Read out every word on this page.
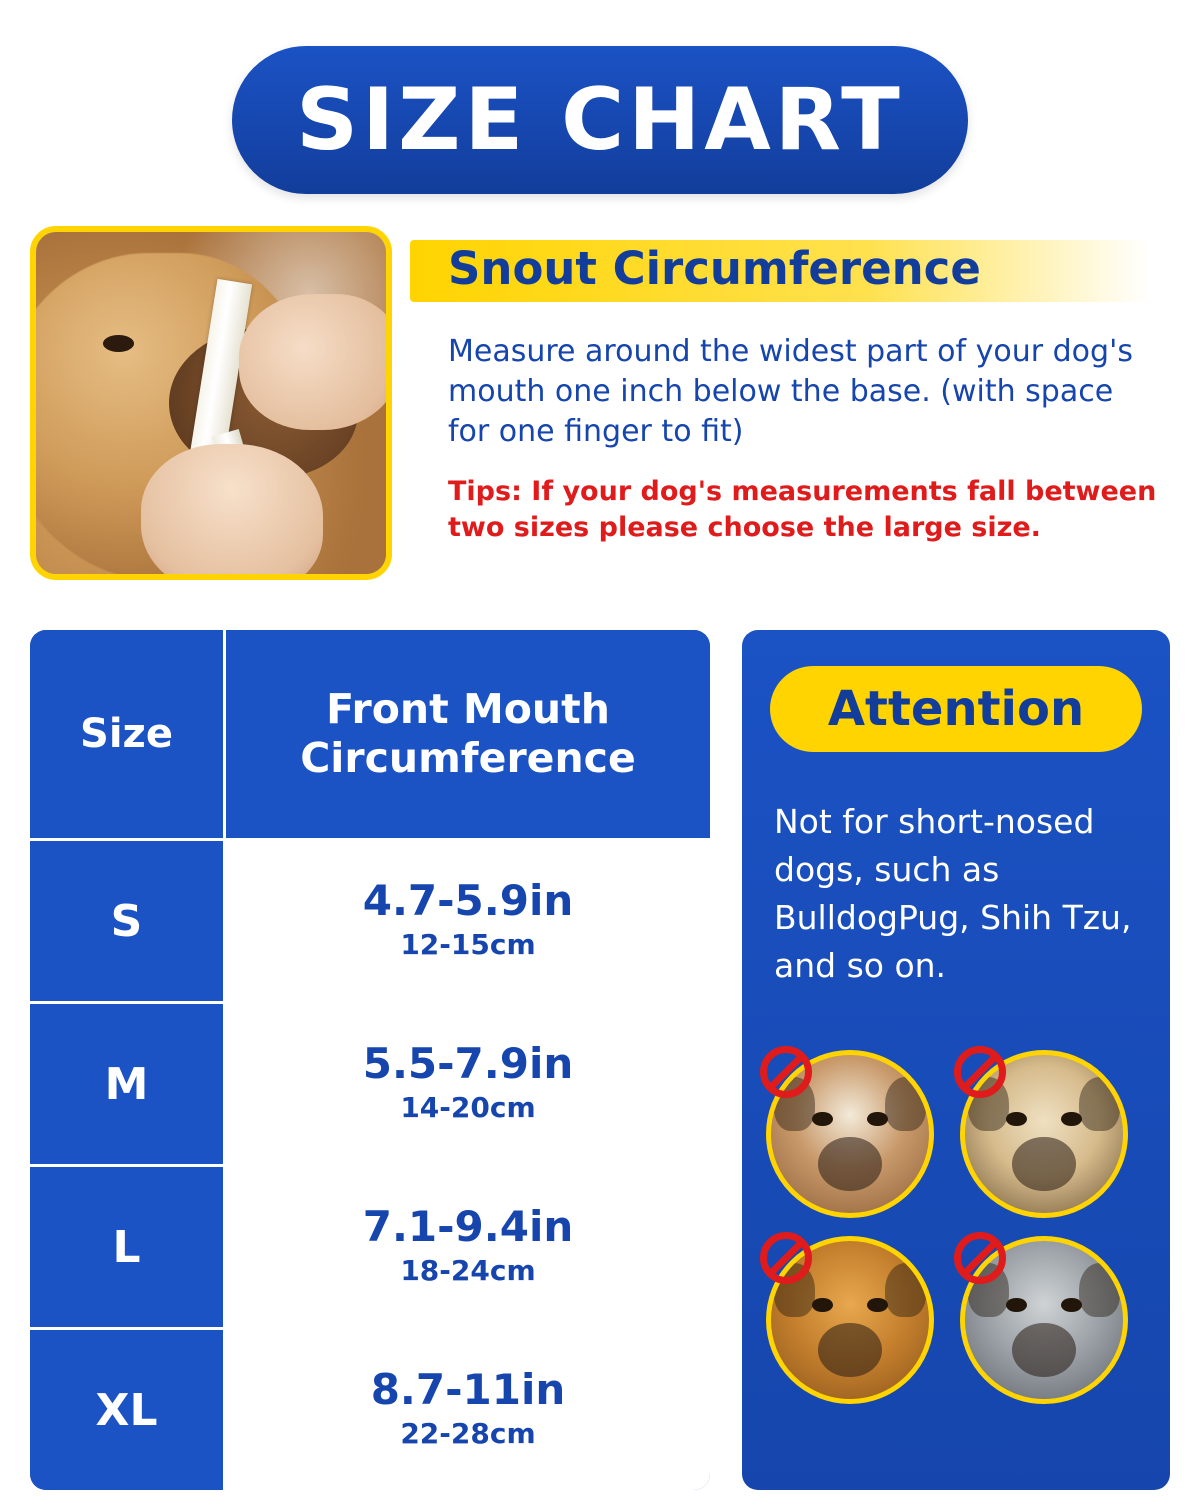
SIZE CHART
Snout Circumference
Measure around the widest part of your dog's mouth one inch below the base. (with space for one finger to fit)
Tips: If your dog's measurements fall between two sizes please choose the large size.
Size
Front Mouth Circumference
S	4.7-5.9in
12-15cm
M	5.5-7.9in
14-20cm
L	7.1-9.4in
18-24cm
XL	8.7-11in
22-28cm
Attention
Not for short-nosed dogs, such as BulldogPug, Shih Tzu, and so on.
